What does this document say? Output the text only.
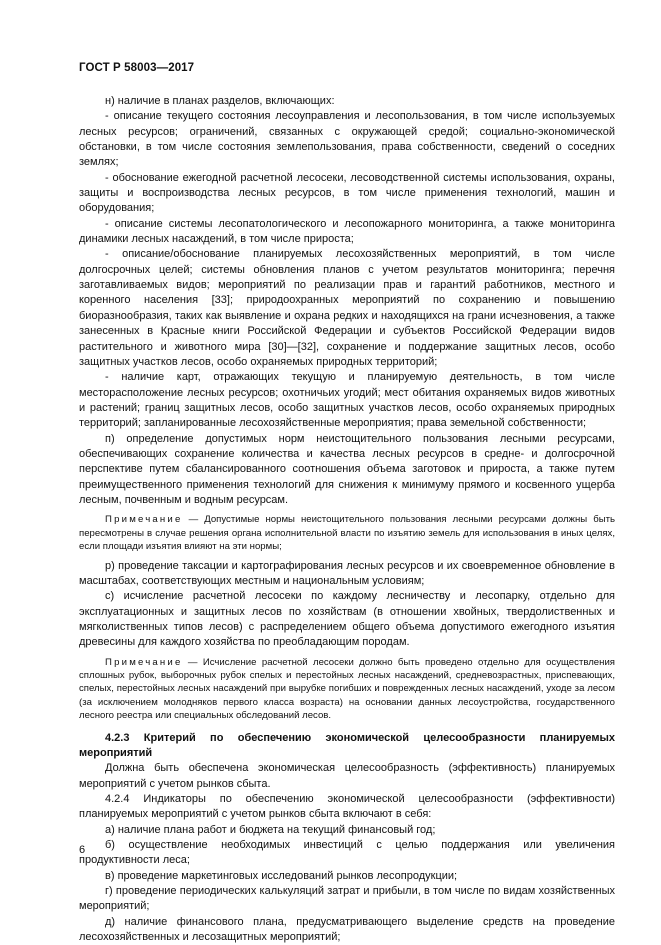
ГОСТ Р 58003—2017

н) наличие в планах разделов, включающих:

- описание текущего состояния лесоуправления и лесопользования, в том числе используемых лесных ресурсов; ограничений, связанных с окружающей средой; социально-экономической обстановки, в том числе состояния землепользования, права собственности, сведений о соседних землях;

- обоснование ежегодной расчетной лесосеки, лесоводственной системы использования, охраны, защиты и воспроизводства лесных ресурсов, в том числе применения технологий, машин и оборудования;

- описание системы лесопатологического и лесопожарного мониторинга, а также мониторинга динамики лесных насаждений, в том числе прироста;

- описание/обоснование планируемых лесохозяйственных мероприятий, в том числе долгосрочных целей; системы обновления планов с учетом результатов мониторинга; перечня заготавливаемых видов; мероприятий по реализации прав и гарантий работников, местного и коренного населения [33]; природоохранных мероприятий по сохранению и повышению биоразнообразия, таких как выявление и охрана редких и находящихся на грани исчезновения, а также занесенных в Красные книги Российской Федерации и субъектов Российской Федерации видов растительного и животного мира [30]—[32], сохранение и поддержание защитных лесов, особо защитных участков лесов, особо охраняемых природных территорий;

- наличие карт, отражающих текущую и планируемую деятельность, в том числе месторасположение лесных ресурсов; охотничьих угодий; мест обитания охраняемых видов животных и растений; границ защитных лесов, особо защитных участков лесов, особо охраняемых природных территорий; запланированные лесохозяйственные мероприятия; права земельной собственности;

п) определение допустимых норм неистощительного пользования лесными ресурсами, обеспечивающих сохранение количества и качества лесных ресурсов в средне- и долгосрочной перспективе путем сбалансированного соотношения объема заготовок и прироста, а также путем преимущественного применения технологий для снижения к минимуму прямого и косвенного ущерба лесным, почвенным и водным ресурсам.

Примечание — Допустимые нормы неистощительного пользования лесными ресурсами должны быть пересмотрены в случае решения органа исполнительной власти по изъятию земель для использования в иных целях, если площади изъятия влияют на эти нормы;

р) проведение таксации и картографирования лесных ресурсов и их своевременное обновление в масштабах, соответствующих местным и национальным условиям;

с) исчисление расчетной лесосеки по каждому лесничеству и лесопарку, отдельно для эксплуатационных и защитных лесов по хозяйствам (в отношении хвойных, твердолиственных и мягколиственных типов лесов) с распределением общего объема допустимого ежегодного изъятия древесины для каждого хозяйства по преобладающим породам.

Примечание — Исчисление расчетной лесосеки должно быть проведено отдельно для осуществления сплошных рубок, выборочных рубок спелых и перестойных лесных насаждений, средневозрастных, приспевающих, спелых, перестойных лесных насаждений при вырубке погибших и поврежденных лесных насаждений, уходе за лесом (за исключением молодняков первого класса возраста) на основании данных лесоустройства, государственного лесного реестра или специальных обследований лесов.

4.2.3 Критерий по обеспечению экономической целесообразности планируемых мероприятий

Должна быть обеспечена экономическая целесообразность (эффективность) планируемых мероприятий с учетом рынков сбыта.

4.2.4 Индикаторы по обеспечению экономической целесообразности (эффективности) планируемых мероприятий с учетом рынков сбыта включают в себя:

а) наличие плана работ и бюджета на текущий финансовый год;

б) осуществление необходимых инвестиций с целью поддержания или увеличения продуктивности леса;

в) проведение маркетинговых исследований рынков лесопродукции;

г) проведение периодических калькуляций затрат и прибыли, в том числе по видам хозяйственных мероприятий;

д) наличие финансового плана, предусматривающего выделение средств на проведение лесохозяйственных и лесозащитных мероприятий;

6
